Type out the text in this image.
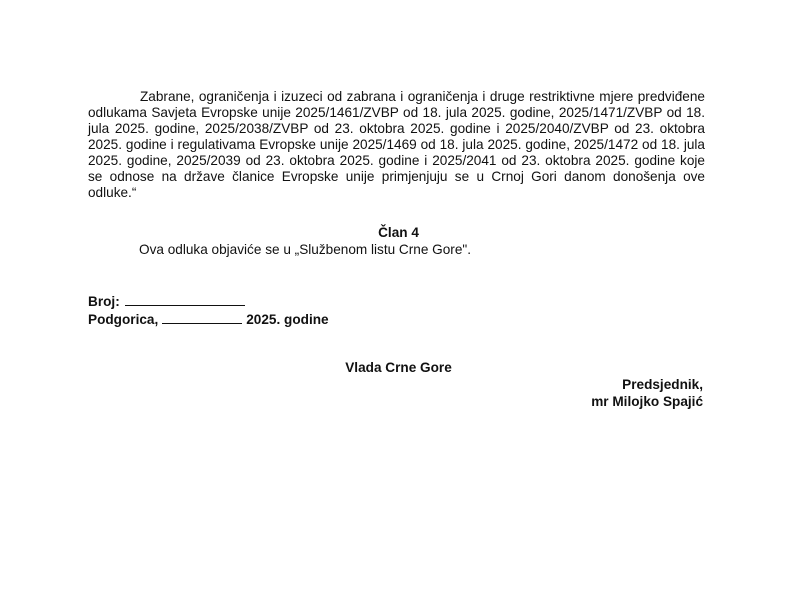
Zabrane, ograničenja i izuzeci od zabrana i ograničenja i druge restriktivne mjere predviđene odlukama Savjeta Evropske unije 2025/1461/ZVBP od 18. jula 2025. godine, 2025/1471/ZVBP od 18. jula 2025. godine, 2025/2038/ZVBP od 23. oktobra 2025. godine i 2025/2040/ZVBP od 23. oktobra 2025. godine i regulativama Evropske unije 2025/1469 od 18. jula 2025. godine, 2025/1472 od 18. jula 2025. godine, 2025/2039 od 23. oktobra 2025. godine i 2025/2041 od 23. oktobra 2025. godine koje se odnose na države članice Evropske unije primjenjuju se u Crnoj Gori danom donošenja ove odluke.“

Član 4

Ova odluka objaviće se u „Službenom listu Crne Gore".

Broj:

Podgorica,	2025. godine

Vlada Crne Gore

Predsjednik,
mr Milojko Spajić
